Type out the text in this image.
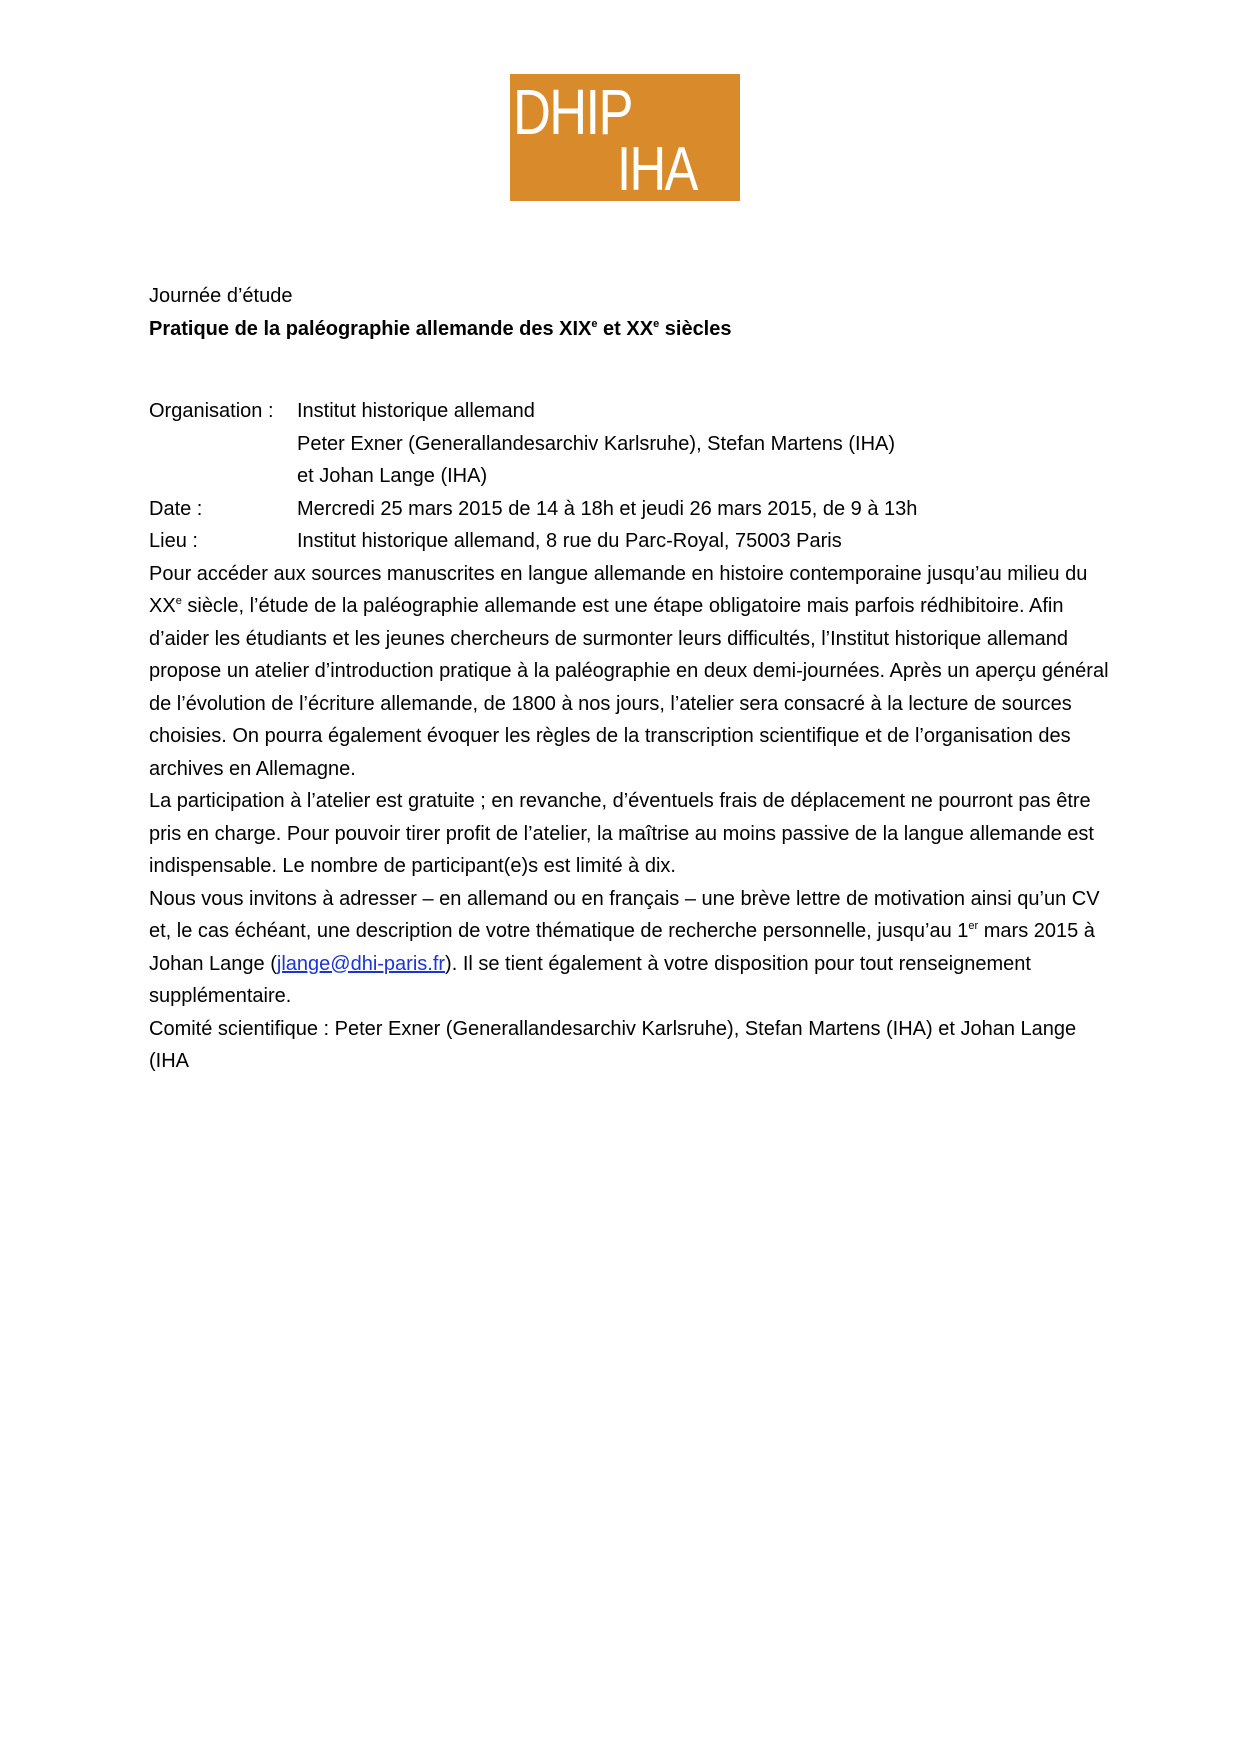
DHIP
IHA

Journée d’étude

Pratique de la paléographie allemande des XIXe et XXe siècles

Organisation :	Institut historique allemand
Peter Exner (Generallandesarchiv Karlsruhe), Stefan Martens (IHA)
et Johan Lange (IHA)
Date :	Mercredi 25 mars 2015 de 14 à 18h et jeudi 26 mars 2015, de 9 à 13h
Lieu :	Institut historique allemand, 8 rue du Parc-Royal, 75003 Paris

Pour accéder aux sources manuscrites en langue allemande en histoire contemporaine jusqu’au milieu du XXe siècle, l’étude de la paléographie allemande est une étape obligatoire mais parfois rédhibitoire. Afin d’aider les étudiants et les jeunes chercheurs de surmonter leurs difficultés, l’Institut historique allemand propose un atelier d’introduction pratique à la paléographie en deux demi-journées. Après un aperçu général de l’évolution de l’écriture allemande, de 1800 à nos jours, l’atelier sera consacré à la lecture de sources choisies. On pourra également évoquer les règles de la transcription scientifique et de l’organisation des archives en Allemagne.

La participation à l’atelier est gratuite ; en revanche, d’éventuels frais de déplacement ne pourront pas être pris en charge. Pour pouvoir tirer profit de l’atelier, la maîtrise au moins passive de la langue allemande est indispensable. Le nombre de participant(e)s est limité à dix.

Nous vous invitons à adresser – en allemand ou en français – une brève lettre de motivation ainsi qu’un CV et, le cas échéant, une description de votre thématique de recherche personnelle, jusqu’au 1er mars 2015 à Johan Lange (jlange@dhi-paris.fr). Il se tient également à votre disposition pour tout renseignement supplémentaire.

Comité scientifique : Peter Exner (Generallandesarchiv Karlsruhe), Stefan Martens (IHA) et Johan Lange (IHA
